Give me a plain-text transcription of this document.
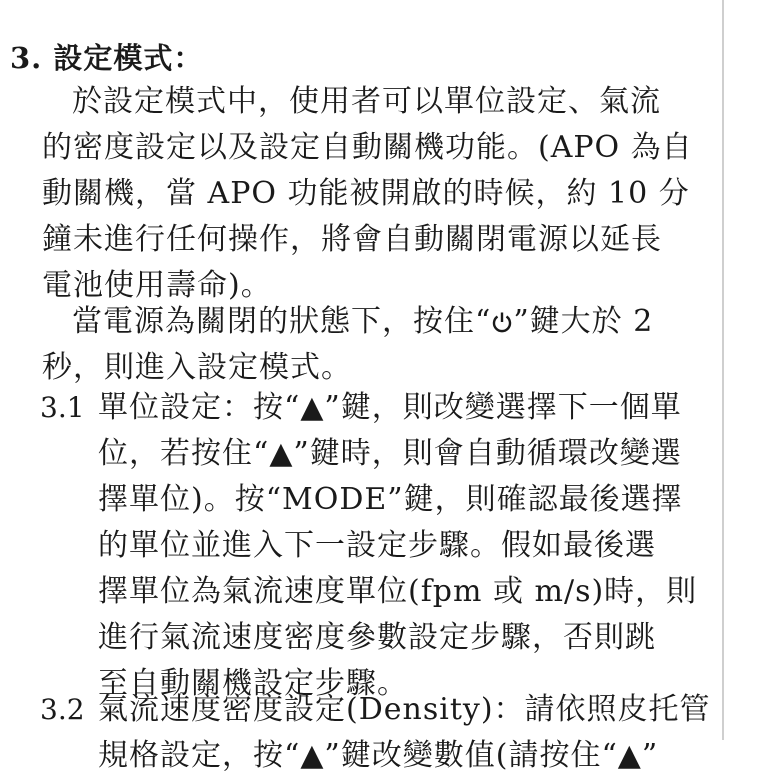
3. 設定模式：
於設定模式中，使用者可以單位設定、氣流
的密度設定以及設定自動關機功能。(APO 為自
動關機，當 APO 功能被開啟的時候，約 10 分
鐘未進行任何操作，將會自動關閉電源以延長
電池使用壽命)。
當電源為關閉的狀態下，按住“ ”鍵大於 2
秒，則進入設定模式。
3.1 單位設定：按“▲”鍵，則改變選擇下一個單
位，若按住“▲”鍵時，則會自動循環改變選
擇單位)。按“MODE”鍵，則確認最後選擇
的單位並進入下一設定步驟。假如最後選
擇單位為氣流速度單位(fpm 或 m/s)時，則
進行氣流速度密度參數設定步驟，否則跳
至自動關機設定步驟。
3.2 氣流速度密度設定(Density)：請依照皮托管
規格設定，按“▲”鍵改變數值(請按住“▲”
